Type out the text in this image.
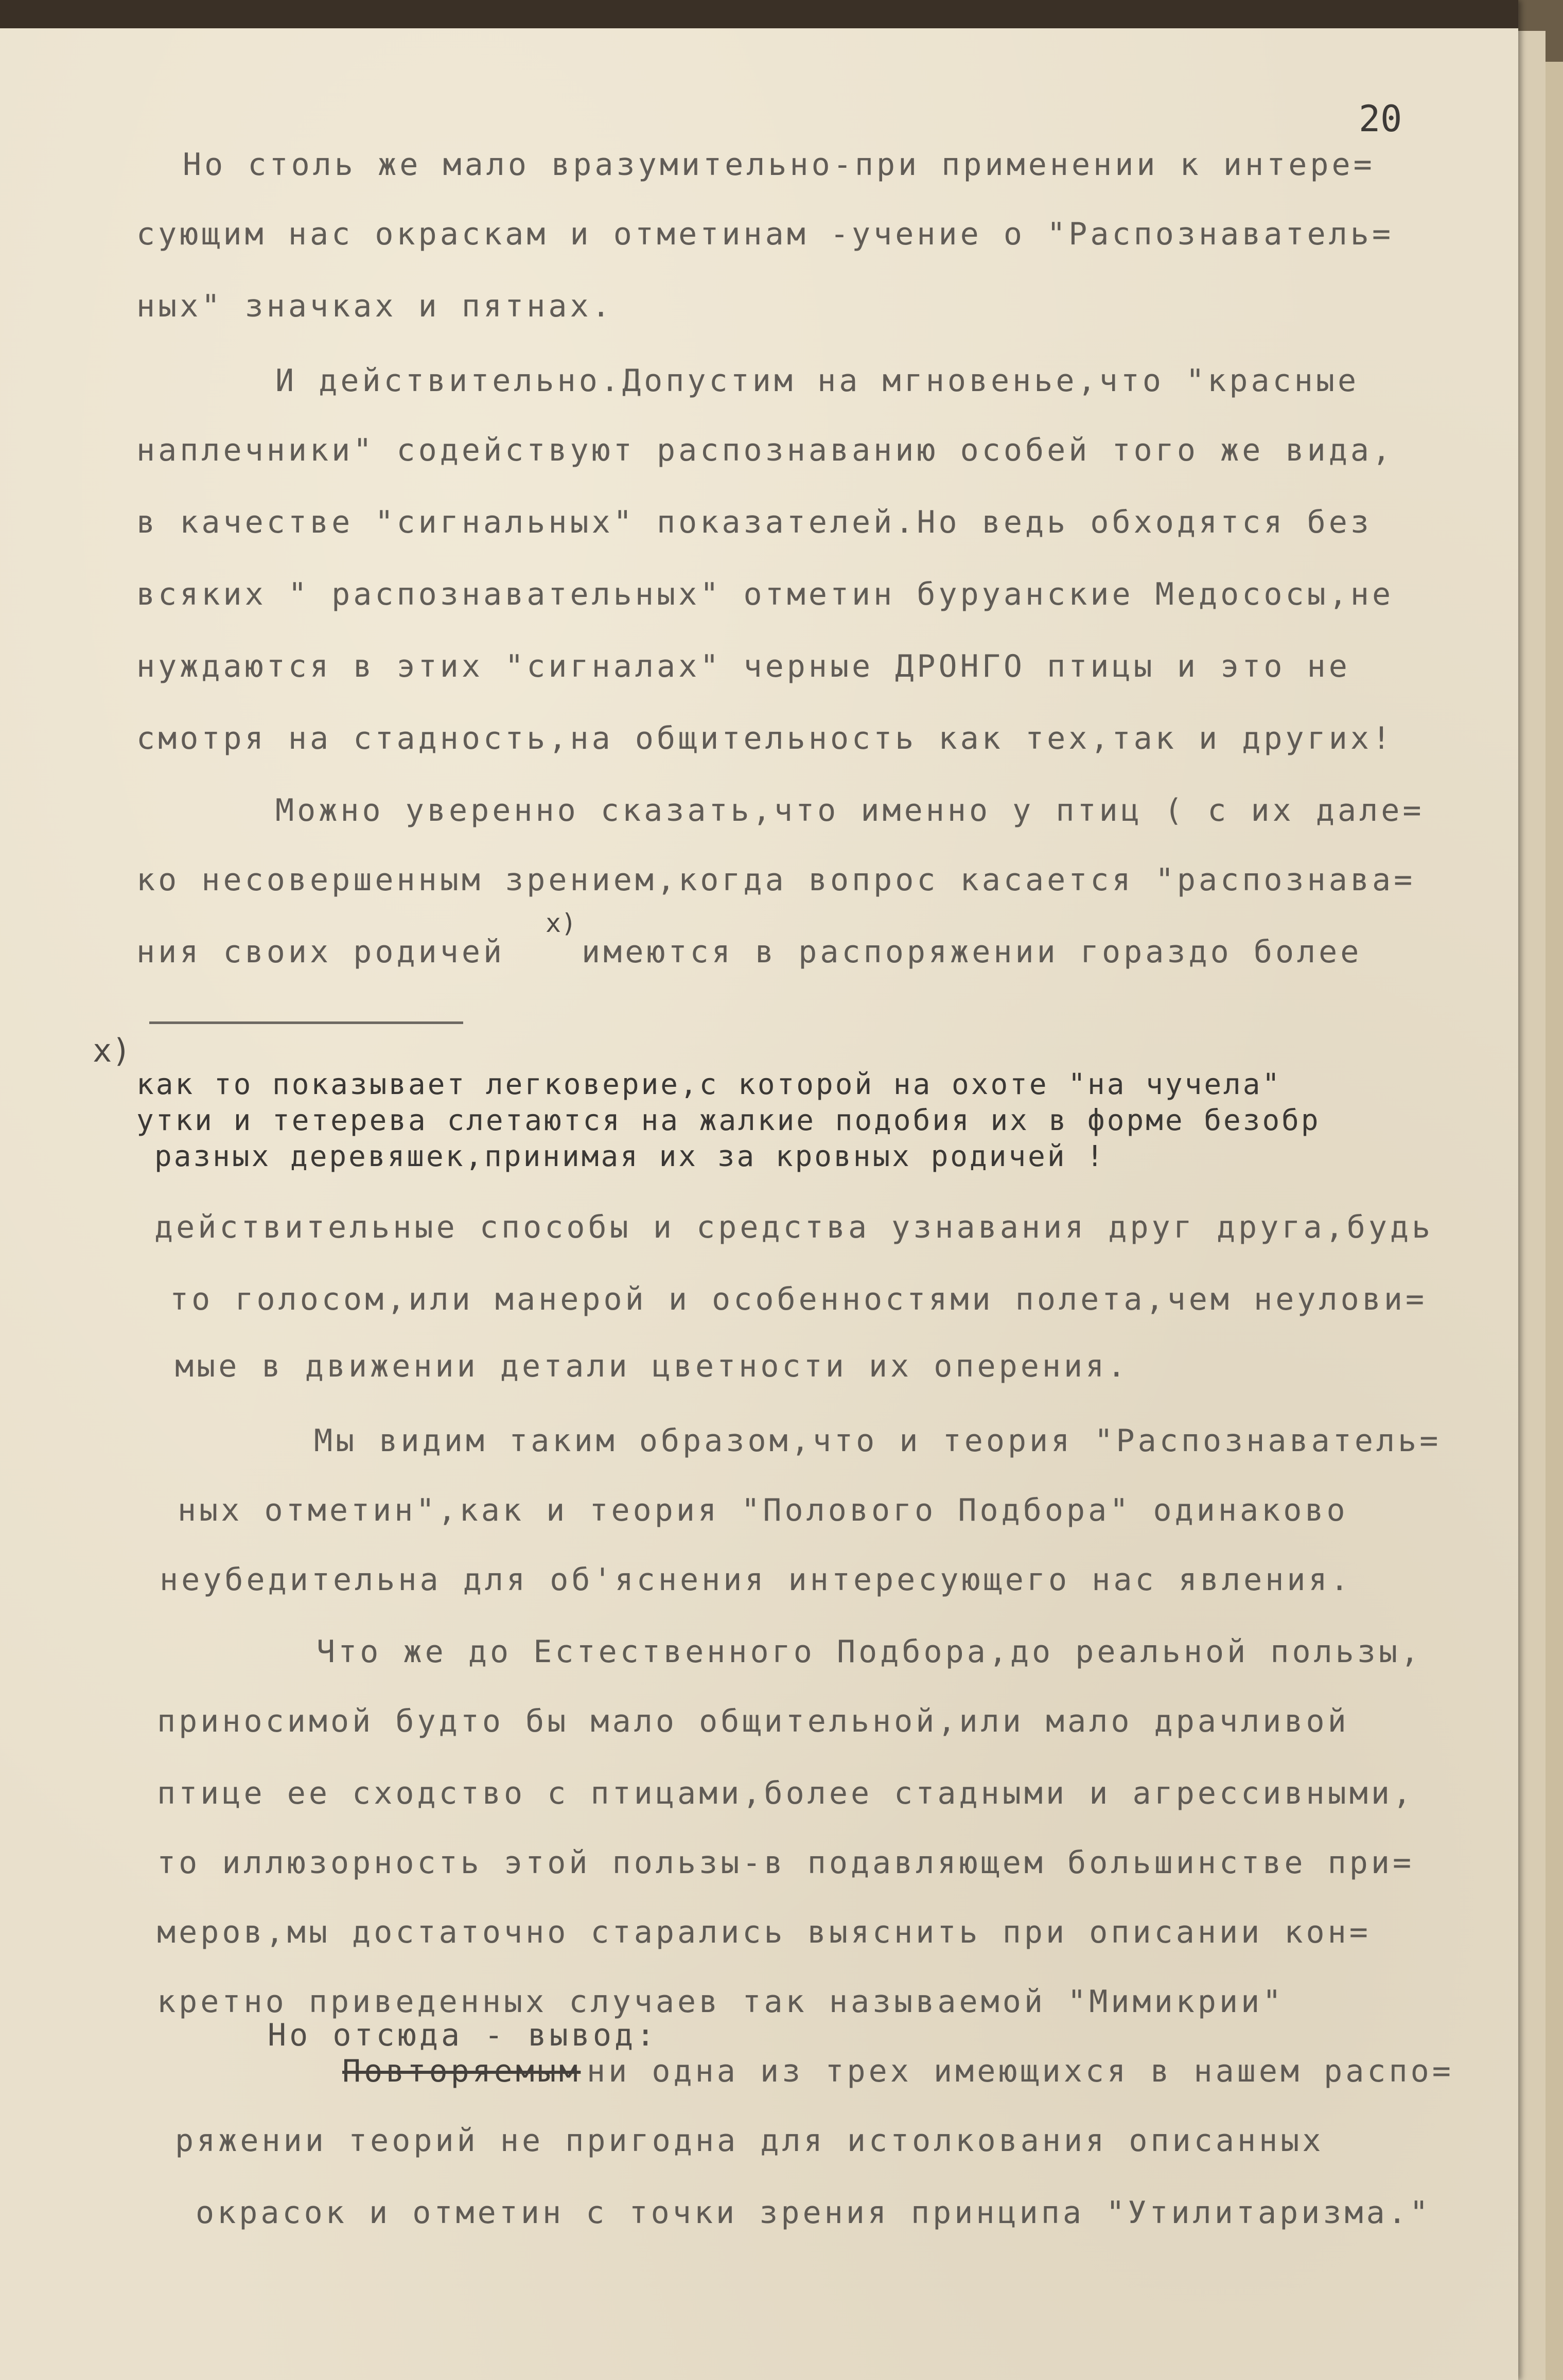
20
Но столь же мало вразумительно-при применении к интере=
сующим нас окраскам и отметинам -учение о "Распознаватель=
ных" значках и пятнах.
И действительно.Допустим на мгновенье,что "красные
наплечники" содействуют распознаванию особей того же вида,
в качестве "сигнальных" показателей.Но ведь обходятся без
всяких " распознавательных" отметин буруанские Медососы,не
нуждаются в этих "сигналах" черные ДРОНГО птицы и это не
смотря на стадность,на общительность как тех,так и других!
Можно уверенно сказать,что именно у птиц ( с их дале=
ко несовершенным зрением,когда вопрос касается "распознава=
ния своих родичей
x)
имеются в распоряжении гораздо более
x)
как то показывает легковерие,с которой на охоте "на чучела"
утки и тетерева слетаются на жалкие подобия их в форме безобр
разных деревяшек,принимая их за кровных родичей !
действительные способы и средства узнавания друг друга,будь
то голосом,или манерой и особенностями полета,чем неулови=
мые в движении детали цветности их оперения.
Мы видим таким образом,что и теория "Распознаватель=
ных отметин",как и теория "Полового Подбора" одинаково
неубедительна для об'яснения интересующего нас явления.
Что же до Естественного Подбора,до реальной пользы,
приносимой будто бы мало общительной,или мало драчливой
птице ее сходство с птицами,более стадными и агрессивными,
то иллюзорность этой пользы-в подавляющем большинстве при=
меров,мы достаточно старались выяснить при описании кон=
кретно приведенных случаев так называемой "Мимикрии"
Но отсюда - вывод:
Повторяемым ни одна из трех имеющихся в нашем распо=
ряжении теорий не пригодна для истолкования описанных
окрасок и отметин с точки зрения принципа "Утилитаризма."
